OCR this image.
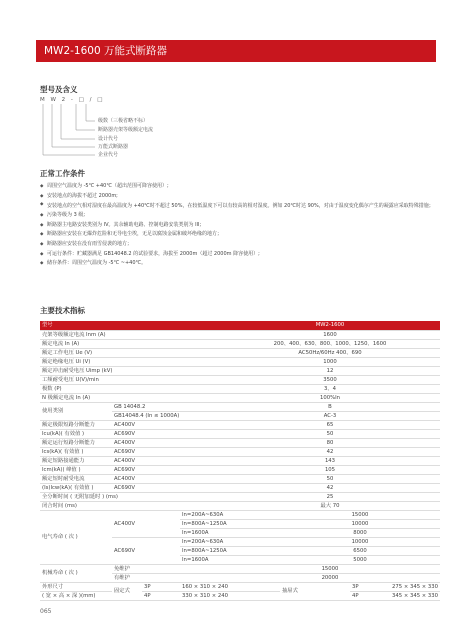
MW2-1600 万能式断路器
型号及含义
M W 2 - □ / □
级数（三极省略不标）
断路器壳架等级额定电流
设计代号
万能式断路器
企业代号
正常工作条件
◆ 周围空气温度为 -5℃ +40℃（超出范围可降容使用）;
◆ 安装地点的海拔不超过 2000m;
◆ 安装地点的空气相对湿度在最高温度为 +40℃时不超过 50%，在较低温度下可以有较高的相对湿度。例如 20℃时达 90%，对由于温度变化偶尔产生的凝露应采取特殊措施；
◆ 污染等级为 3 级;
◆ 断路器主电路安装类别为 IV。其余辅助电路、控制电路安装类别为 III;
◆ 断路器应安装在无爆炸危险和无导电尘埃，无足以腐蚀金属和破坏绝缘的地方；
◆ 断路器应安装在没有雨雪侵袭的地方；
◆ 可运行条件：贮藏器满足 GB14048.2 的试验要求，海拔至 2000m（超过 2000m 降容使用）;
◆ 储存条件：周围空气温度为 -5℃ ~+40℃。
主要技术指标
型号				MW2-1600		
壳架等级额定电流 Inm (A)				1600		
额定电流 In (A)				200、400、630、800、1000、1250、1600		
额定工作电压 Ue (V)				AC50Hz/60Hz 400、690		
额定绝缘电压 Ui (V)				1000		
额定冲击耐受电压 Uimp (kV)				12		
工频耐受电压 U(V)/min				3500		
极数 (P)				3、4		
N 极额定电流 In (A)				100%In		
使用类别	GB 14048.2			B		
	GB14048.4 (In ≤ 1000A)			AC-3		
额定极限短路分断能力	AC400V			65		
Icu(kA)( 有效值 )	AC690V			50		
额定运行短路分断能力	AC400V			80		
Ics(kA)( 有效值 )	AC690V			42		
额定短路接通能力	AC400V			143		
Icm(kA)( 峰值 )	AC690V			105		
额定短时耐受电流	AC400V			50		
(Is)Icw(kA)( 有效值 )	AC690V			42		
全分断时间 ( 无附加延时 ) (ms)				25		
闭合时间 (ms)				最大 70		
电气寿命 ( 次 )	AC400V		In=200A~630A		15000	
			In=800A~1250A		10000	
			In=1600A		8000	
	AC690V		In=200A~630A		10000	
			In=800A~1250A		6500	
			In=1600A		5000	
机械寿命 ( 次 )	免维护			15000		
	有维护			20000		
外形尺寸	固定式	3P	160 × 310 × 240		抽屉式	3P 275 × 345 × 330

( 宽 × 高 × 深 )(mm)		4P	330 × 310 × 240			4P 345 × 345 × 330
065
